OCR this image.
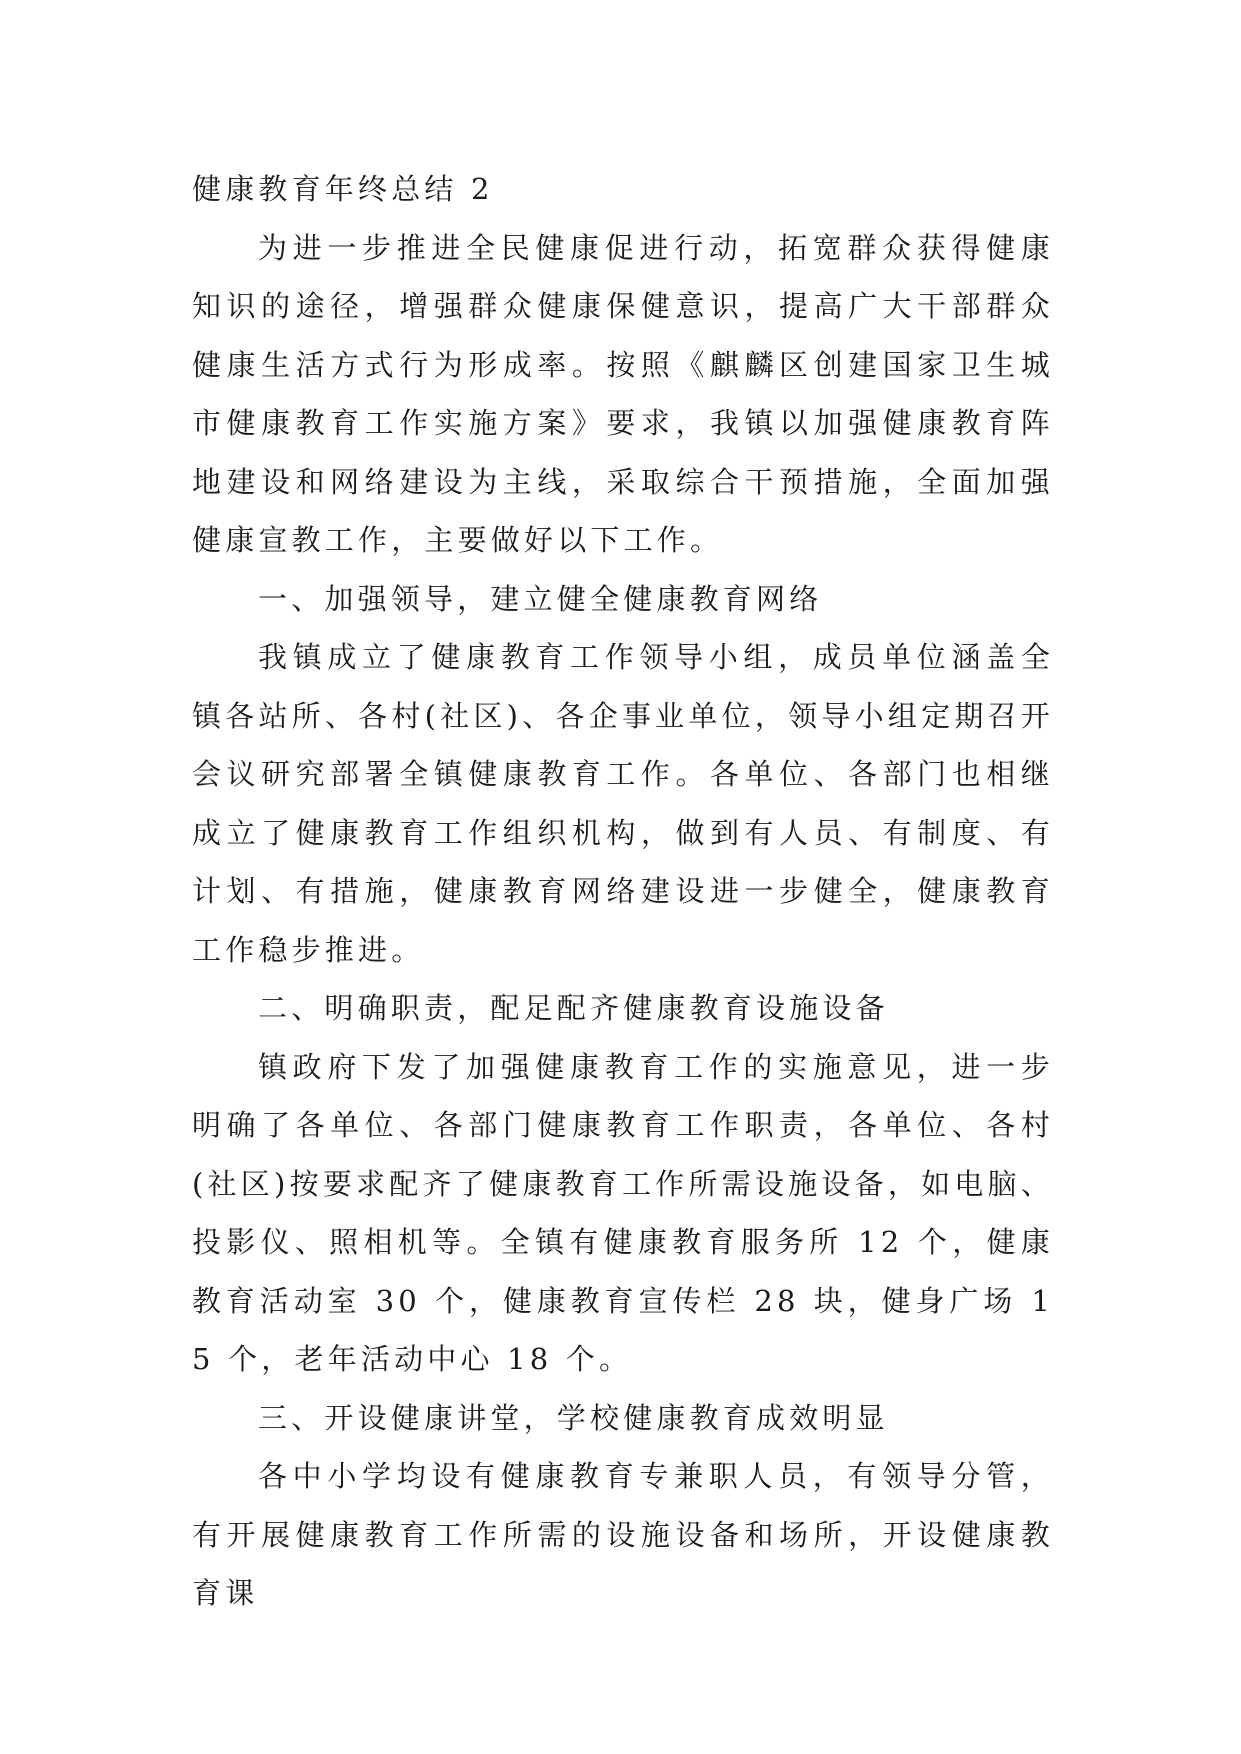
健康教育年终总结 2

为进一步推进全民健康促进行动，拓宽群众获得健康知识的途径，增强群众健康保健意识，提高广大干部群众健康生活方式行为形成率。按照《麒麟区创建国家卫生城市健康教育工作实施方案》要求，我镇以加强健康教育阵地建设和网络建设为主线，采取综合干预措施，全面加强健康宣教工作，主要做好以下工作。

一、加强领导，建立健全健康教育网络

我镇成立了健康教育工作领导小组，成员单位涵盖全镇各站所、各村(社区)、各企事业单位，领导小组定期召开会议研究部署全镇健康教育工作。各单位、各部门也相继成立了健康教育工作组织机构，做到有人员、有制度、有计划、有措施，健康教育网络建设进一步健全，健康教育工作稳步推进。

二、明确职责，配足配齐健康教育设施设备

镇政府下发了加强健康教育工作的实施意见，进一步明确了各单位、各部门健康教育工作职责，各单位、各村(社区)按要求配齐了健康教育工作所需设施设备，如电脑、投影仪、照相机等。全镇有健康教育服务所 12 个，健康教育活动室 30 个，健康教育宣传栏 28 块，健身广场 15 个，老年活动中心 18 个。

三、开设健康讲堂，学校健康教育成效明显

各中小学均设有健康教育专兼职人员，有领导分管，有开展健康教育工作所需的设施设备和场所，开设健康教育课
